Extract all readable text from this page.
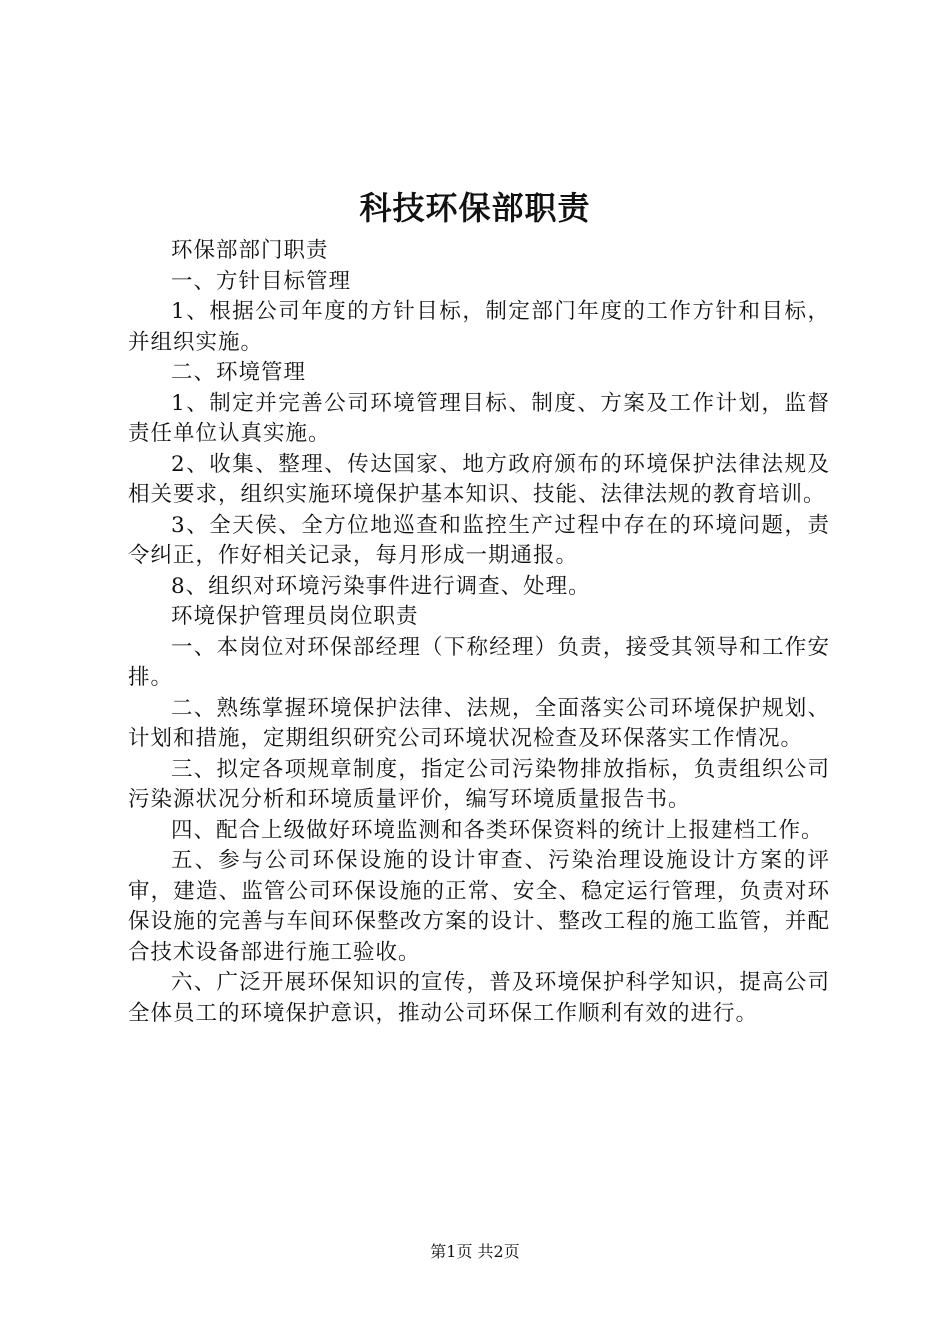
科技环保部职责

环保部部门职责

一、方针目标管理

1、根据公司年度的方针目标，制定部门年度的工作方针和目标，并组织实施。

二、环境管理

1、制定并完善公司环境管理目标、制度、方案及工作计划，监督责任单位认真实施。

2、收集、整理、传达国家、地方政府颁布的环境保护法律法规及相关要求，组织实施环境保护基本知识、技能、法律法规的教育培训。

3、全天侯、全方位地巡查和监控生产过程中存在的环境问题，责令纠正，作好相关记录，每月形成一期通报。

8、组织对环境污染事件进行调查、处理。

环境保护管理员岗位职责

一、本岗位对环保部经理（下称经理）负责，接受其领导和工作安排。

二、熟练掌握环境保护法律、法规，全面落实公司环境保护规划、计划和措施，定期组织研究公司环境状况检查及环保落实工作情况。

三、拟定各项规章制度，指定公司污染物排放指标，负责组织公司污染源状况分析和环境质量评价，编写环境质量报告书。

四、配合上级做好环境监测和各类环保资料的统计上报建档工作。

五、参与公司环保设施的设计审查、污染治理设施设计方案的评审，建造、监管公司环保设施的正常、安全、稳定运行管理，负责对环保设施的完善与车间环保整改方案的设计、整改工程的施工监管，并配合技术设备部进行施工验收。

六、广泛开展环保知识的宣传，普及环境保护科学知识，提高公司全体员工的环境保护意识，推动公司环保工作顺利有效的进行。

第1页 共2页
